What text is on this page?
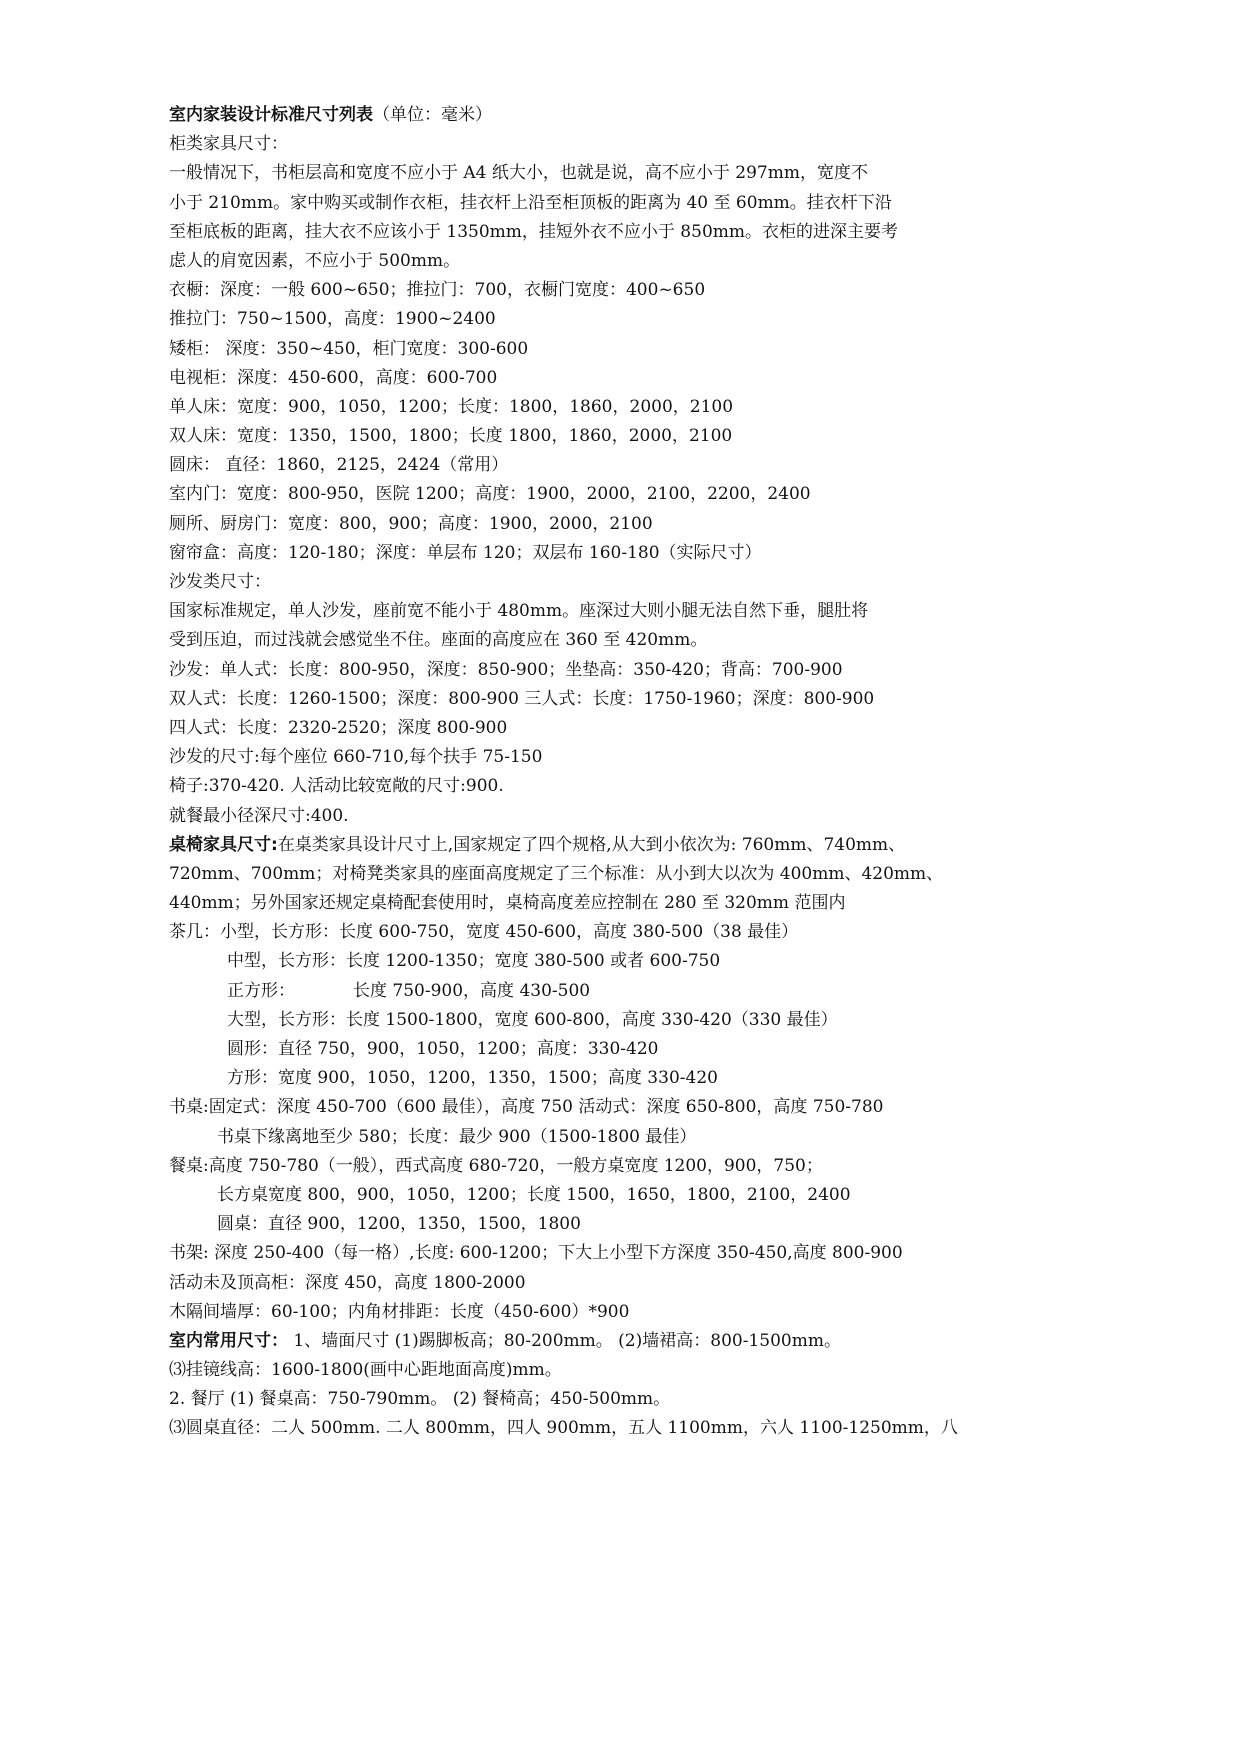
室内家装设计标准尺寸列表（单位：毫米）
柜类家具尺寸：
一般情况下，书柜层高和宽度不应小于 A4 纸大小，也就是说，高不应小于 297mm，宽度不
小于 210mm。家中购买或制作衣柜，挂衣杆上沿至柜顶板的距离为 40 至 60mm。挂衣杆下沿
至柜底板的距离，挂大衣不应该小于 1350mm，挂短外衣不应小于 850mm。衣柜的进深主要考
虑人的肩宽因素，不应小于 500mm。
衣橱：深度：一般 600~650；推拉门：700，衣橱门宽度：400~650
推拉门：750~1500，高度：1900~2400
矮柜： 深度：350~450，柜门宽度：300-600
电视柜：深度：450-600，高度：600-700
单人床：宽度：900，1050，1200；长度：1800，1860，2000，2100
双人床：宽度：1350，1500，1800；长度 1800，1860，2000，2100
圆床： 直径：1860，2125，2424（常用）
室内门：宽度：800-950，医院 1200；高度：1900，2000，2100，2200，2400
厕所、厨房门：宽度：800，900；高度：1900，2000，2100
窗帘盒：高度：120-180；深度：单层布 120；双层布 160-180（实际尺寸）
沙发类尺寸：
国家标准规定，单人沙发，座前宽不能小于 480mm。座深过大则小腿无法自然下垂，腿肚将
受到压迫，而过浅就会感觉坐不住。座面的高度应在 360 至 420mm。
沙发：单人式：长度：800-950，深度：850-900；坐垫高：350-420；背高：700-900
双人式：长度：1260-1500；深度：800-900 三人式：长度：1750-1960；深度：800-900
四人式：长度：2320-2520；深度 800-900
沙发的尺寸:每个座位 660-710,每个扶手 75-150
椅子:370-420. 人活动比较宽敞的尺寸:900.
就餐最小径深尺寸:400.
桌椅家具尺寸:在桌类家具设计尺寸上,国家规定了四个规格,从大到小依次为: 760mm、740mm、
720mm、700mm；对椅凳类家具的座面高度规定了三个标准：从小到大以次为 400mm、420mm、
440mm；另外国家还规定桌椅配套使用时，桌椅高度差应控制在 280 至 320mm 范围内
茶几：小型，长方形：长度 600-750，宽度 450-600，高度 380-500（38 最佳）
中型，长方形：长度 1200-1350；宽度 380-500 或者 600-750
正方形：	长度 750-900，高度 430-500
大型，长方形：长度 1500-1800，宽度 600-800，高度 330-420（330 最佳）
圆形：直径 750，900，1050，1200；高度：330-420
方形：宽度 900，1050，1200，1350，1500；高度 330-420
书桌:固定式：深度 450-700（600 最佳），高度 750 活动式：深度 650-800，高度 750-780
书桌下缘离地至少 580；长度：最少 900（1500-1800 最佳）
餐桌:高度 750-780（一般），西式高度 680-720，一般方桌宽度 1200，900，750；
长方桌宽度 800，900，1050，1200；长度 1500，1650，1800，2100，2400
圆桌：直径 900，1200，1350，1500，1800
书架: 深度 250-400（每一格）,长度: 600-1200；下大上小型下方深度 350-450,高度 800-900
活动未及顶高柜：深度 450，高度 1800-2000
木隔间墙厚：60-100；内角材排距：长度（450-600）*900
室内常用尺寸： 1、墙面尺寸 (1)踢脚板高；80-200mm。 (2)墙裙高：800-1500mm。
⑶挂镜线高：1600-1800(画中心距地面高度)mm。
2. 餐厅 (1) 餐桌高：750-790mm。 (2) 餐椅高；450-500mm。
⑶圆桌直径：二人 500mm. 二人 800mm，四人 900mm，五人 1100mm，六人 1100-1250mm，八
